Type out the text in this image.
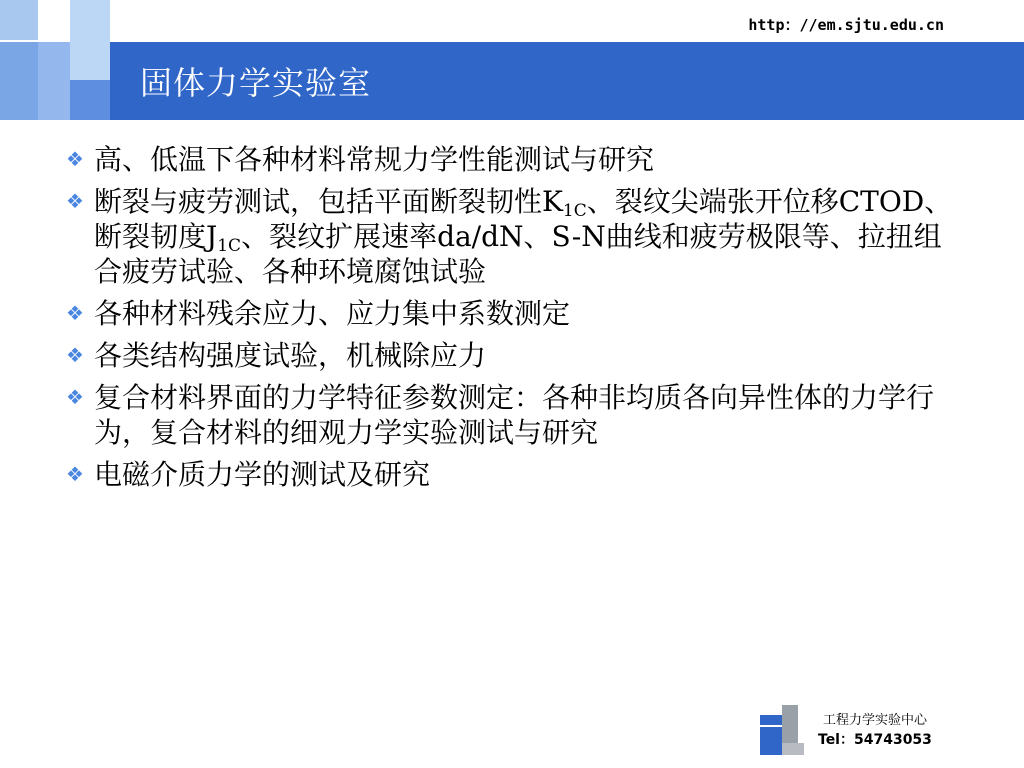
http：//em.sjtu.edu.cn
固体力学实验室
❖ 高、低温下各种材料常规力学性能测试与研究
❖ 断裂与疲劳测试，包括平面断裂韧性$K_{1C}$、裂纹尖端张开位移CTOD、断裂韧度$J_{1C}$、裂纹扩展速率da/dN、S-N曲线和疲劳极限等、拉扭组合疲劳试验、各种环境腐蚀试验
❖ 各种材料残余应力、应力集中系数测定
❖ 各类结构强度试验，机械除应力
❖ 复合材料界面的力学特征参数测定：各种非均质各向异性体的力学行为，复合材料的细观力学实验测试与研究
❖ 电磁介质力学的测试及研究
工程力学实验中心
Tel：54743053
